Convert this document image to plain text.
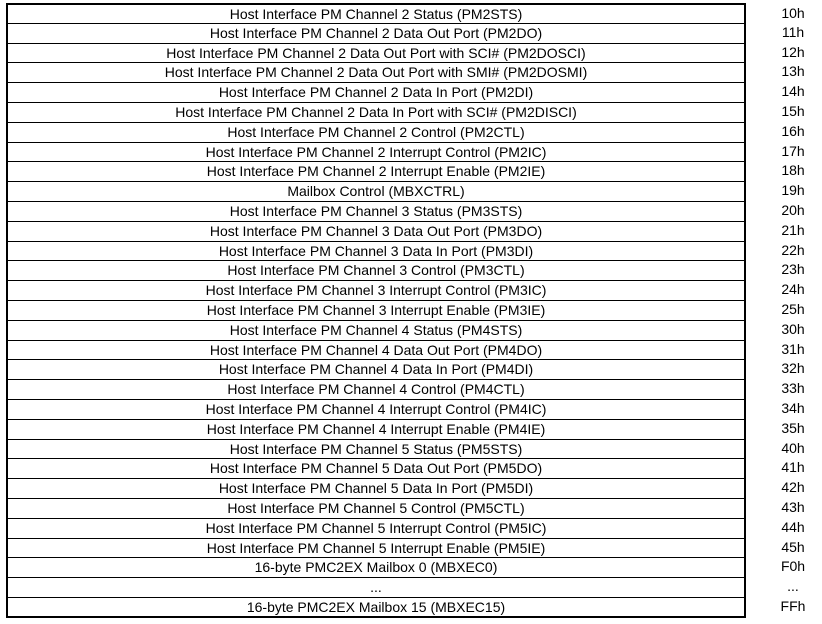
Host Interface PM Channel 2 Status (PM2STS)	10h
Host Interface PM Channel 2 Data Out Port (PM2DO)	11h
Host Interface PM Channel 2 Data Out Port with SCI# (PM2DOSCI)	12h
Host Interface PM Channel 2 Data Out Port with SMI# (PM2DOSMI)	13h
Host Interface PM Channel 2 Data In Port (PM2DI)	14h
Host Interface PM Channel 2 Data In Port with SCI# (PM2DISCI)	15h
Host Interface PM Channel 2 Control (PM2CTL)	16h
Host Interface PM Channel 2 Interrupt Control (PM2IC)	17h
Host Interface PM Channel 2 Interrupt Enable (PM2IE)	18h
Mailbox Control (MBXCTRL)	19h
Host Interface PM Channel 3 Status (PM3STS)	20h
Host Interface PM Channel 3 Data Out Port (PM3DO)	21h
Host Interface PM Channel 3 Data In Port (PM3DI)	22h
Host Interface PM Channel 3 Control (PM3CTL)	23h
Host Interface PM Channel 3 Interrupt Control (PM3IC)	24h
Host Interface PM Channel 3 Interrupt Enable (PM3IE)	25h
Host Interface PM Channel 4 Status (PM4STS)	30h
Host Interface PM Channel 4 Data Out Port (PM4DO)	31h
Host Interface PM Channel 4 Data In Port (PM4DI)	32h
Host Interface PM Channel 4 Control (PM4CTL)	33h
Host Interface PM Channel 4 Interrupt Control (PM4IC)	34h
Host Interface PM Channel 4 Interrupt Enable (PM4IE)	35h
Host Interface PM Channel 5 Status (PM5STS)	40h
Host Interface PM Channel 5 Data Out Port (PM5DO)	41h
Host Interface PM Channel 5 Data In Port (PM5DI)	42h
Host Interface PM Channel 5 Control (PM5CTL)	43h
Host Interface PM Channel 5 Interrupt Control (PM5IC)	44h
Host Interface PM Channel 5 Interrupt Enable (PM5IE)	45h
16-byte PMC2EX Mailbox 0 (MBXEC0)	F0h
...	...
16-byte PMC2EX Mailbox 15 (MBXEC15)	FFh
